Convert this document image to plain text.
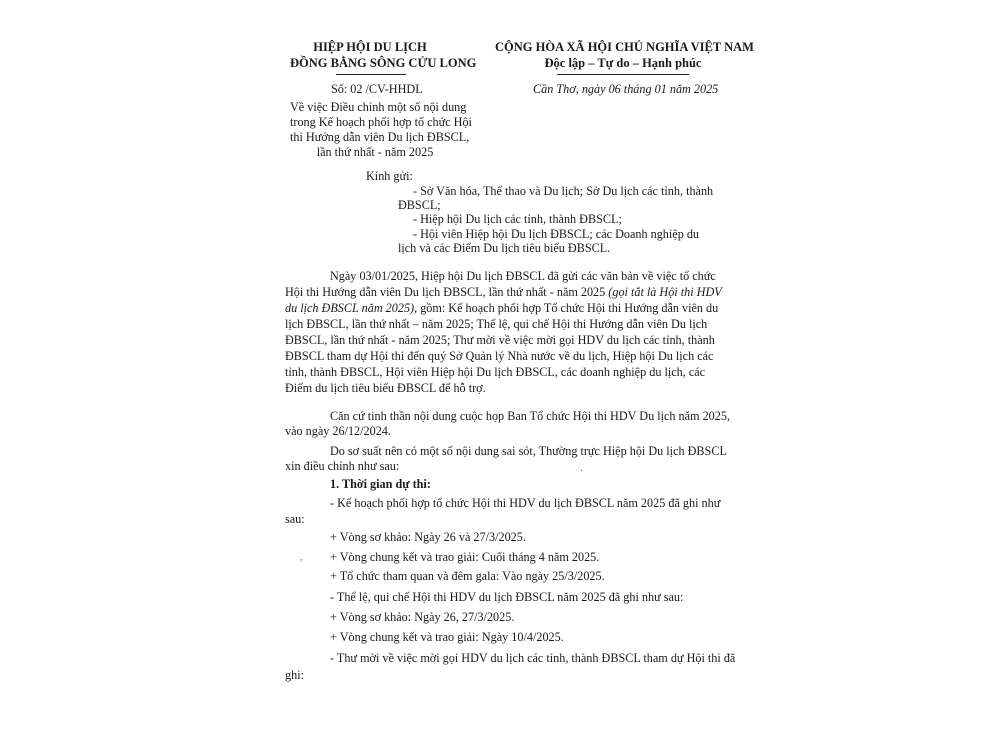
HIỆP HỘI DU LỊCH
ĐỒNG BẰNG SÔNG CỬU LONG
Số: 02 /CV-HHDL
Về việc Điều chỉnh một số nội dung
trong Kế hoạch phối hợp tổ chức Hội
thi Hướng dẫn viên Du lịch ĐBSCL,
lần thứ nhất - năm 2025
CỘNG HÒA XÃ HỘI CHỦ NGHĨA VIỆT NAM
Độc lập – Tự do – Hạnh phúc
Cần Thơ, ngày 06 tháng 01 năm 2025
Kính gửi:
- Sở Văn hóa, Thể thao và Du lịch; Sở Du lịch các tỉnh, thành
ĐBSCL;
- Hiệp hội Du lịch các tỉnh, thành ĐBSCL;
- Hội viên Hiệp hội Du lịch ĐBSCL; các Doanh nghiệp du
lịch và các Điểm Du lịch tiêu biểu ĐBSCL.
Ngày 03/01/2025, Hiệp hội Du lịch ĐBSCL đã gửi các văn bản về việc tổ chức
Hội thi Hướng dẫn viên Du lịch ĐBSCL, lần thứ nhất - năm 2025 (gọi tắt là Hội thi HDV
du lịch ĐBSCL năm 2025), gồm: Kế hoạch phối hợp Tổ chức Hội thi Hướng dẫn viên du
lịch ĐBSCL, lần thứ nhất – năm 2025; Thể lệ, qui chế Hội thi Hướng dẫn viên Du lịch
ĐBSCL, lần thứ nhất - năm 2025; Thư mời về việc mời gọi HDV du lịch các tỉnh, thành
ĐBSCL tham dự Hội thi đến quý Sở Quản lý Nhà nước về du lịch, Hiệp hội Du lịch các
tỉnh, thành ĐBSCL, Hội viên Hiệp hội Du lịch ĐBSCL, các doanh nghiệp du lịch, các
Điểm du lịch tiêu biểu ĐBSCL để hỗ trợ.
Căn cứ tinh thần nội dung cuộc họp Ban Tổ chức Hội thi HDV Du lịch năm 2025,
vào ngày 26/12/2024.
Do sơ suất nên có một số nội dung sai sót, Thường trực Hiệp hội Du lịch ĐBSCL
xin điều chỉnh như sau:
1. Thời gian dự thi:
- Kế hoạch phối hợp tổ chức Hội thi HDV du lịch ĐBSCL năm 2025 đã ghi như
sau:
+ Vòng sơ khảo: Ngày 26 và 27/3/2025.
+ Vòng chung kết và trao giải: Cuối tháng 4 năm 2025.
+ Tổ chức tham quan và đêm gala: Vào ngày 25/3/2025.
- Thể lệ, qui chế Hội thi HDV du lịch ĐBSCL năm 2025 đã ghi như sau:
+ Vòng sơ khảo: Ngày 26, 27/3/2025.
+ Vòng chung kết và trao giải: Ngày 10/4/2025.
- Thư mời về việc mời gọi HDV du lịch các tỉnh, thành ĐBSCL tham dự Hội thi đã
ghi:
,
·
